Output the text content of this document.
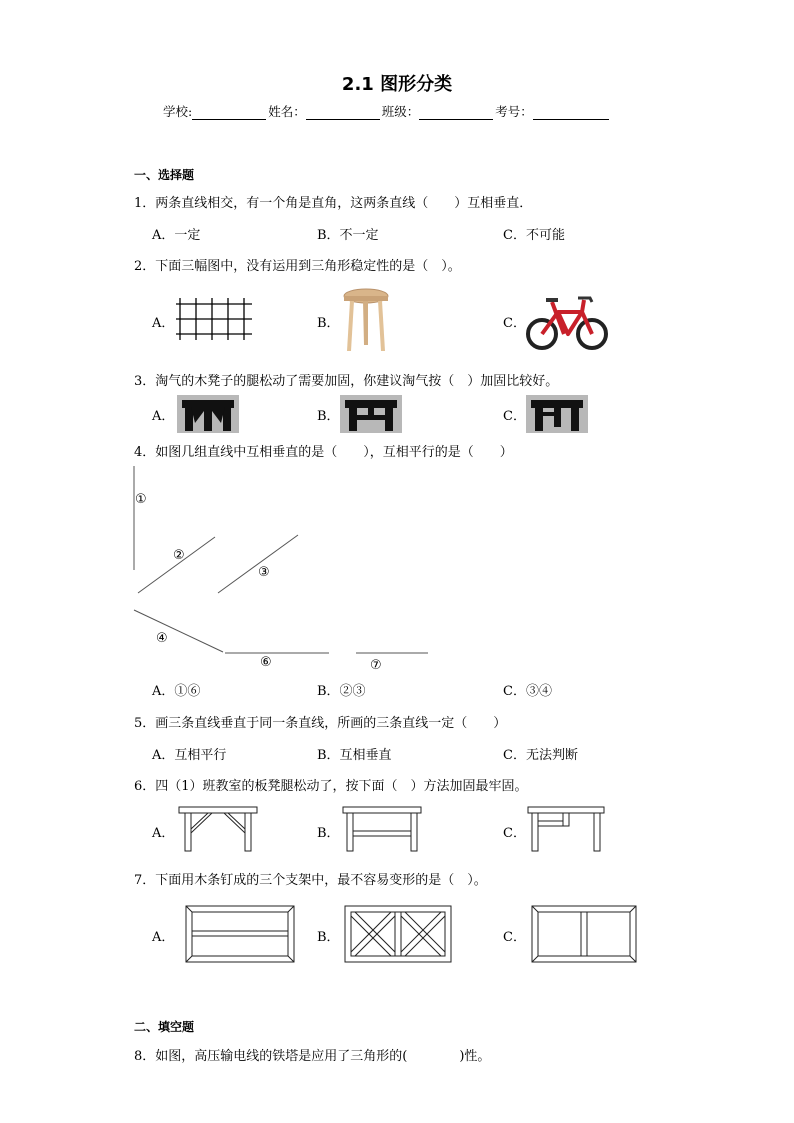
2.1 图形分类
学校:	姓名：	班级：	考号：
一、选择题
1．两条直线相交，有一个角是直角，这两条直线（　　）互相垂直．
A．一定	B．不一定	C．不可能
2．下面三幅图中，没有运用到三角形稳定性的是（　）。
A．	B．	C．
3．淘气的木凳子的腿松动了需要加固，你建议淘气按（　）加固比较好。
A．	B．	C．
4．如图几组直线中互相垂直的是（　　），互相平行的是（　　）
①
②
③
④
⑥	⑦
A．①⑥	B．②③	C．③④
5．画三条直线垂直于同一条直线，所画的三条直线一定（　　）
A．互相平行	B．互相垂直	C．无法判断
6．四（1）班教室的板凳腿松动了，按下面（　）方法加固最牢固。
A．	B．	C．
7．下面用木条钉成的三个支架中，最不容易变形的是（　）。
A．	B．	C．
二、填空题
8．如图，高压输电线的铁塔是应用了三角形的(　　　　)性。
